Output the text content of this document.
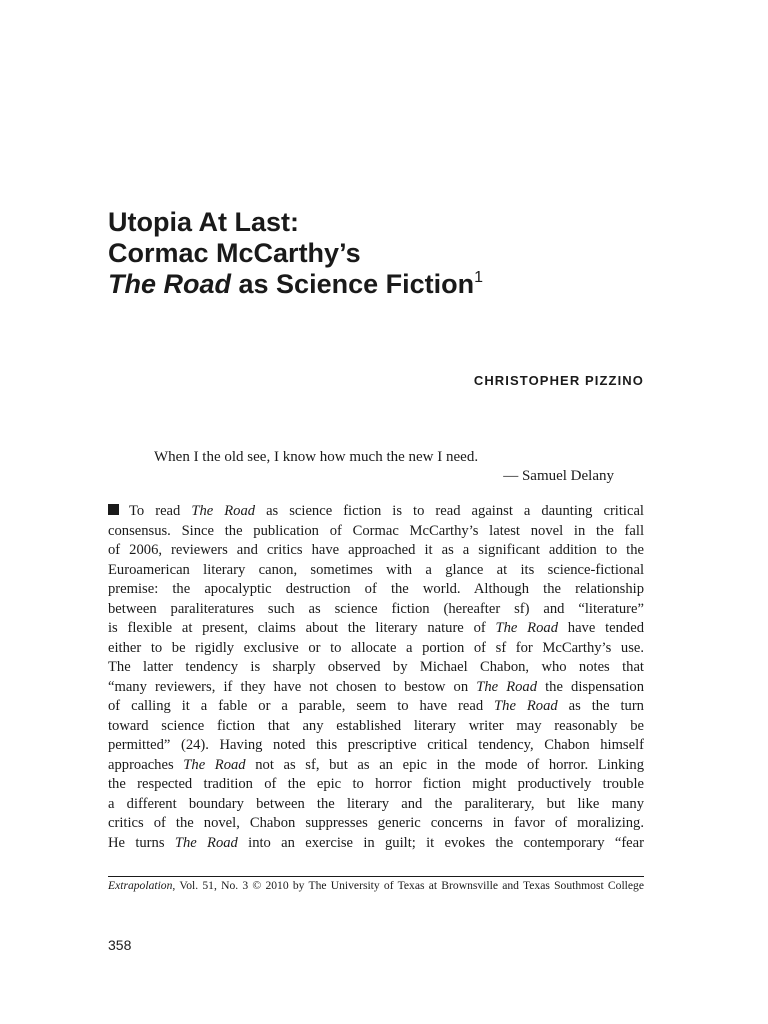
Utopia At Last:
Cormac McCarthy’s
The Road as Science Fiction$^1$
CHRISTOPHER PIZZINO
When I the old see, I know how much the new I need.
— Samuel Delany
To read The Road as science fiction is to read against a daunting critical
consensus. Since the publication of Cormac McCarthy’s latest novel in the fall
of 2006, reviewers and critics have approached it as a significant addition to the
Euroamerican literary canon, sometimes with a glance at its science-fictional
premise: the apocalyptic destruction of the world. Although the relationship
between paraliteratures such as science fiction (hereafter sf) and “literature”
is flexible at present, claims about the literary nature of The Road have tended
either to be rigidly exclusive or to allocate a portion of sf for McCarthy’s use.
The latter tendency is sharply observed by Michael Chabon, who notes that
“many reviewers, if they have not chosen to bestow on The Road the dispensation
of calling it a fable or a parable, seem to have read The Road as the turn
toward science fiction that any established literary writer may reasonably be
permitted” (24). Having noted this prescriptive critical tendency, Chabon himself
approaches The Road not as sf, but as an epic in the mode of horror. Linking
the respected tradition of the epic to horror fiction might productively trouble
a different boundary between the literary and the paraliterary, but like many
critics of the novel, Chabon suppresses generic concerns in favor of moralizing.
He turns The Road into an exercise in guilt; it evokes the contemporary “fear
Extrapolation, Vol. 51, No. 3 © 2010 by The University of Texas at Brownsville and Texas Southmost College
358
